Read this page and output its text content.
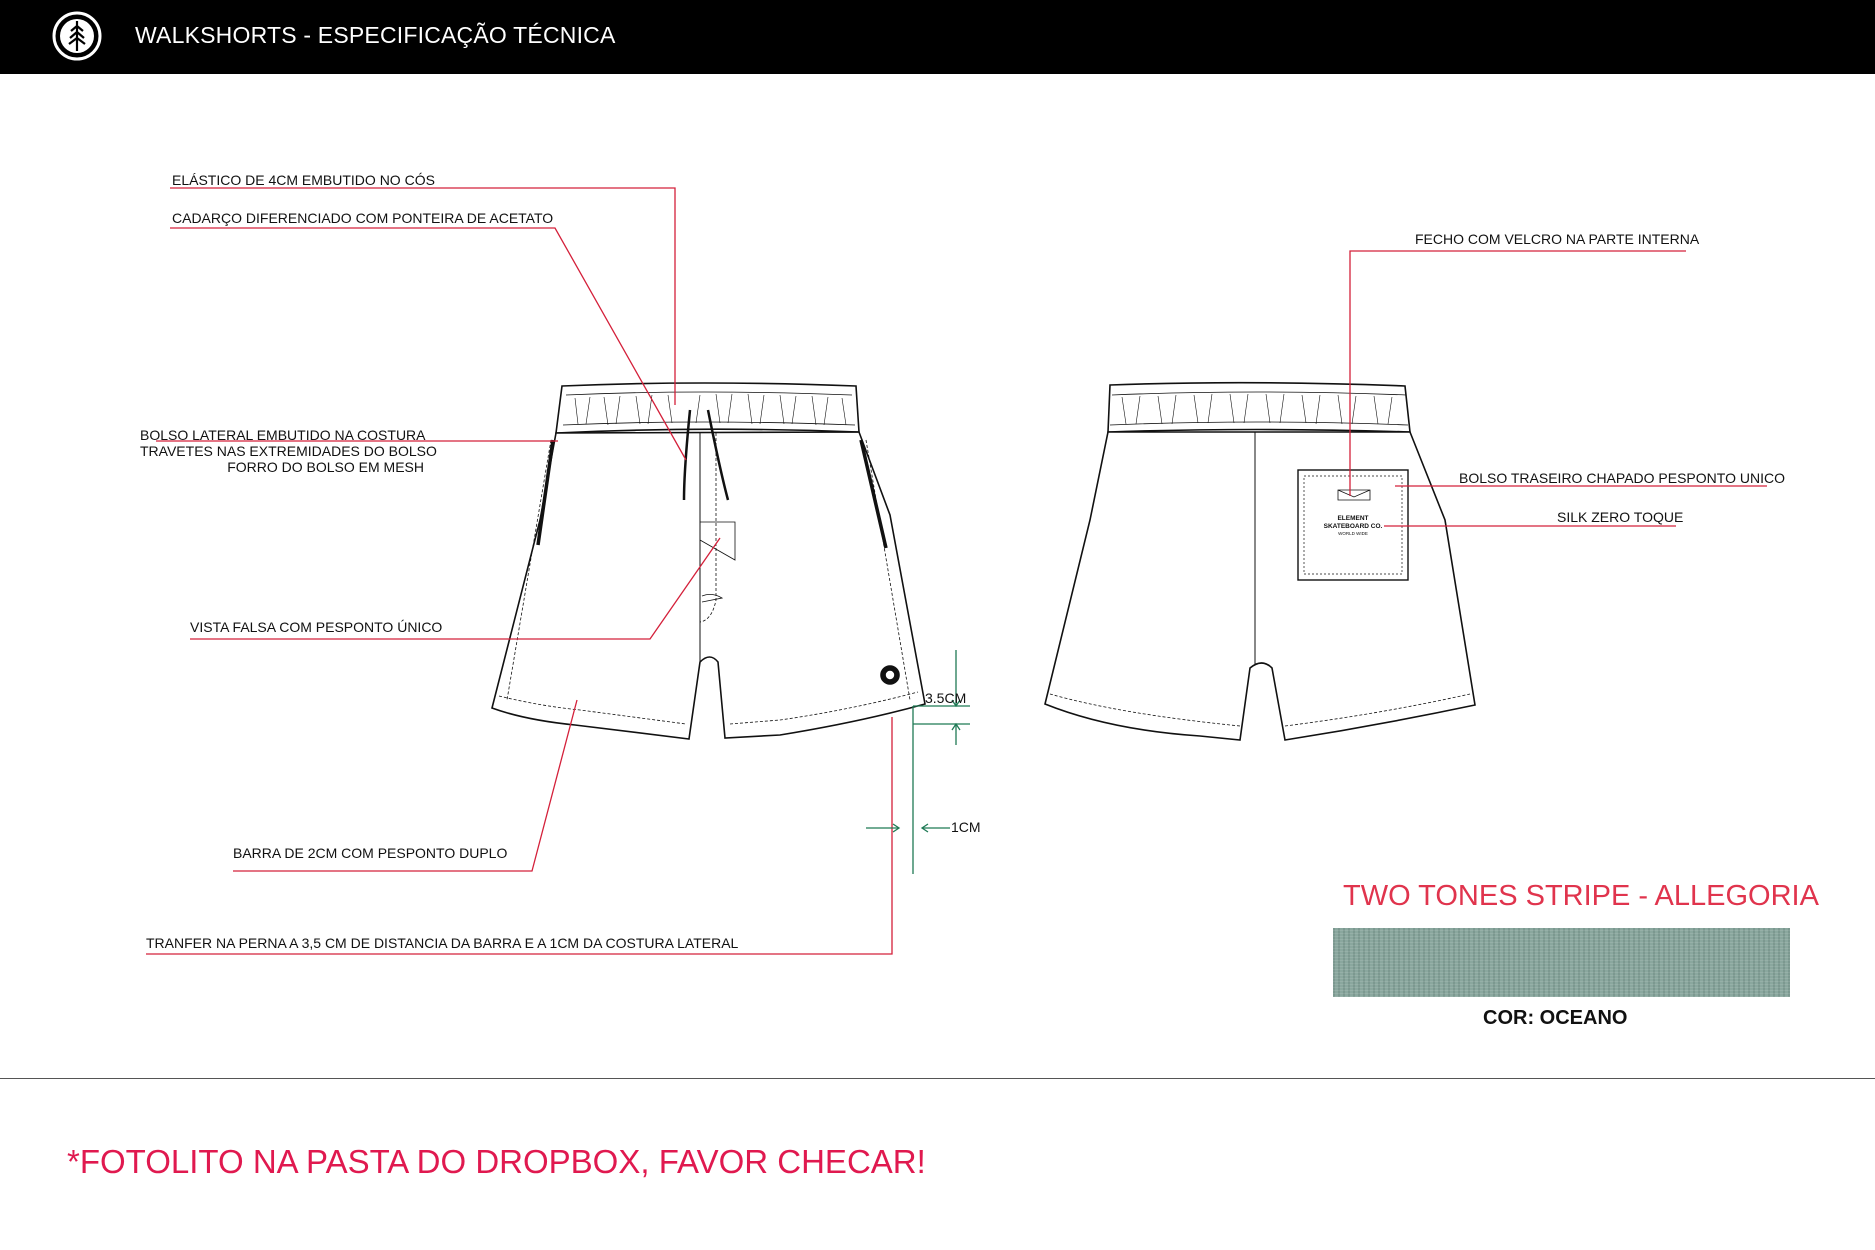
WALKSHORTS - ESPECIFICAÇÃO TÉCNICA
ELEMENT
SKATEBOARD CO.
WORLD WIDE
ELÁSTICO DE 4CM EMBUTIDO NO CÓS
CADARÇO DIFERENCIADO COM PONTEIRA DE ACETATO
BOLSO LATERAL EMBUTIDO NA COSTURA
TRAVETES NAS EXTREMIDADES DO BOLSO
FORRO DO BOLSO EM MESH
VISTA FALSA COM PESPONTO ÚNICO
BARRA DE 2CM COM PESPONTO DUPLO
TRANFER NA PERNA A 3,5 CM DE DISTANCIA DA BARRA E A 1CM DA COSTURA LATERAL
FECHO COM VELCRO NA PARTE INTERNA
BOLSO TRASEIRO CHAPADO PESPONTO UNICO
SILK ZERO TOQUE
3.5CM
1CM
TWO TONES STRIPE - ALLEGORIA
COR: OCEANO
*FOTOLITO NA PASTA DO DROPBOX, FAVOR CHECAR!
